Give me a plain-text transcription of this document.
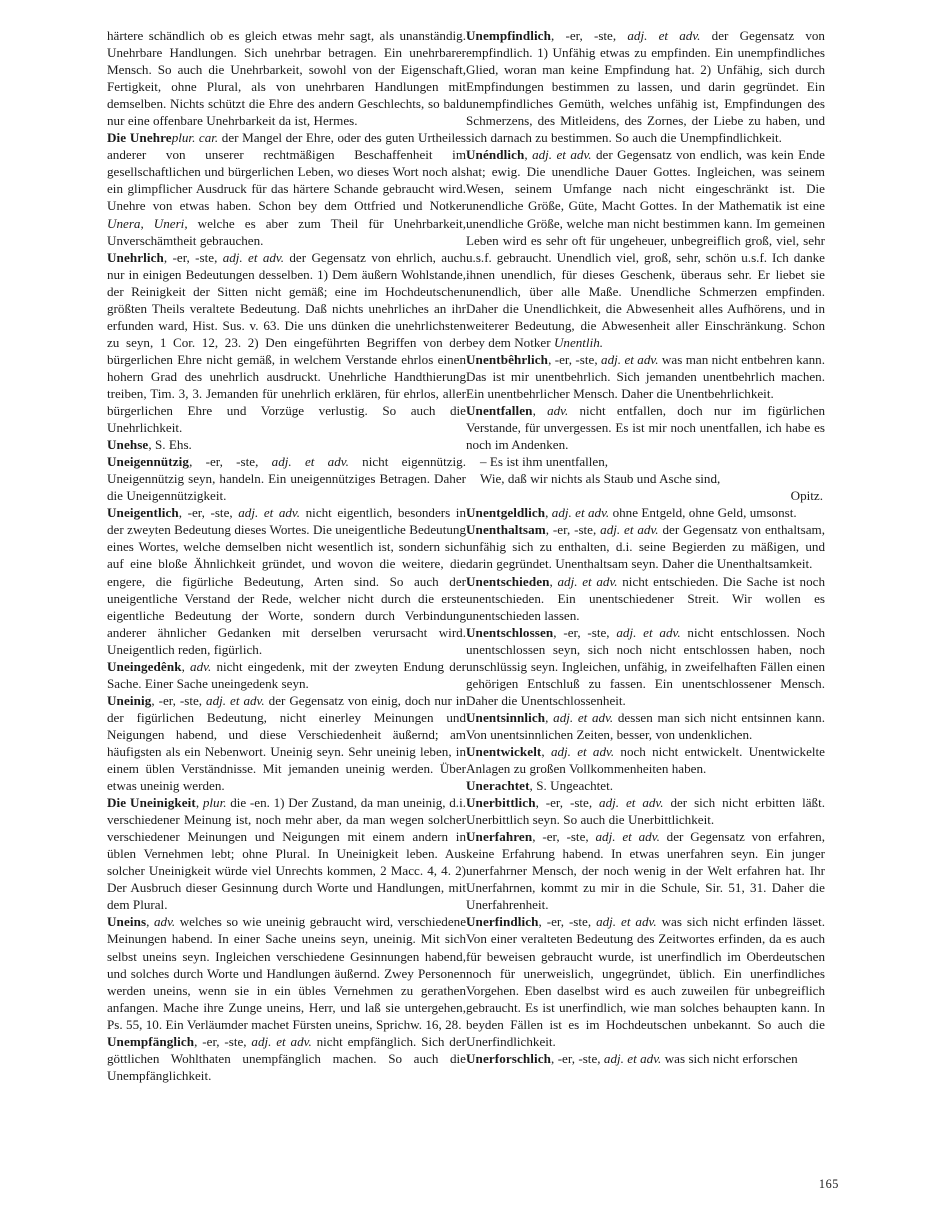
härtere schändlich ob es gleich etwas mehr sagt, als unanständig. Unehrbare Handlungen. Sich unehrbar betragen. Ein unehrbarer Mensch. So auch die Unehrbarkeit, sowohl von der Eigenschaft, Fertigkeit, ohne Plural, als von unehrbaren Handlungen mit demselben. Nichts schützt die Ehre des andern Geschlechts, so bald nur eine offenbare Unehrbarkeit da ist, Hermes.

Die Unehreplur. car. der Mangel der Ehre, oder des guten Urtheiles anderer von unserer rechtmäßigen Beschaffenheit im gesellschaftlichen und bürgerlichen Leben, wo dieses Wort noch als ein glimpflicher Ausdruck für das härtere Schande gebraucht wird. Unehre von etwas haben. Schon bey dem Ottfried und Notker Unera, Uneri, welche es aber zum Theil für Unehrbarkeit, Unverschämtheit gebrauchen.

Unehrlich, -er, -ste, adj. et adv. der Gegensatz von ehrlich, auch nur in einigen Bedeutungen desselben. 1) Dem äußern Wohlstande, der Reinigkeit der Sitten nicht gemäß; eine im Hochdeutschen größten Theils veraltete Bedeutung. Daß nichts unehrliches an ihr erfunden ward, Hist. Sus. v. 63. Die uns dünken die unehrlichsten zu seyn, 1 Cor. 12, 23. 2) Den eingeführten Begriffen von der bürgerlichen Ehre nicht gemäß, in welchem Verstande ehrlos einen hohern Grad des unehrlich ausdruckt. Unehrliche Handthierung treiben, Tim. 3, 3. Jemanden für unehrlich erklären, für ehrlos, aller bürgerlichen Ehre und Vorzüge verlustig. So auch die Unehrlichkeit.

Unehse, S. Ehs.

Uneigennützig, -er, -ste, adj. et adv. nicht eigennützig. Uneigennützig seyn, handeln. Ein uneigennütziges Betragen. Daher die Uneigennützigkeit.

Uneigentlich, -er, -ste, adj. et adv. nicht eigentlich, besonders in der zweyten Bedeutung dieses Wortes. Die uneigentliche Bedeutung eines Wortes, welche demselben nicht wesentlich ist, sondern sich auf eine bloße Ähnlichkeit gründet, und wovon die weitere, die engere, die figürliche Bedeutung, Arten sind. So auch der uneigentliche Verstand der Rede, welcher nicht durch die erste eigentliche Bedeutung der Worte, sondern durch Verbindung anderer ähnlicher Gedanken mit derselben verursacht wird. Uneigentlich reden, figürlich.

Uneingedênk, adv. nicht eingedenk, mit der zweyten Endung der Sache. Einer Sache uneingedenk seyn.

Uneinig, -er, -ste, adj. et adv. der Gegensatz von einig, doch nur in der figürlichen Bedeutung, nicht einerley Meinungen und Neigungen habend, und diese Verschiedenheit äußernd; am häufigsten als ein Nebenwort. Uneinig seyn. Sehr uneinig leben, in einem üblen Verständnisse. Mit jemanden uneinig werden. Über etwas uneinig werden.

Die Uneinigkeit, plur. die -en. 1) Der Zustand, da man uneinig, d.i. verschiedener Meinung ist, noch mehr aber, da man wegen solcher verschiedener Meinungen und Neigungen mit einem andern in üblen Vernehmen lebt; ohne Plural. In Uneinigkeit leben. Aus solcher Uneinigkeit würde viel Unrechts kommen, 2 Macc. 4, 4. 2) Der Ausbruch dieser Gesinnung durch Worte und Handlungen, mit dem Plural.

Uneins, adv. welches so wie uneinig gebraucht wird, verschiedene Meinungen habend. In einer Sache uneins seyn, uneinig. Mit sich selbst uneins seyn. Ingleichen verschiedene Gesinnungen habend, und solches durch Worte und Handlungen äußernd. Zwey Personen werden uneins, wenn sie in ein übles Vernehmen zu gerathen anfangen. Mache ihre Zunge uneins, Herr, und laß sie untergehen, Ps. 55, 10. Ein Verläumder machet Fürsten uneins, Sprichw. 16, 28.

Unempfänglich, -er, -ste, adj. et adv. nicht empfänglich. Sich der göttlichen Wohlthaten unempfänglich machen. So auch die Unempfänglichkeit.

Unempfindlich, -er, -ste, adj. et adv. der Gegensatz von empfindlich. 1) Unfähig etwas zu empfinden. Ein unempfindliches Glied, woran man keine Empfindung hat. 2) Unfähig, sich durch Empfindungen bestimmen zu lassen, und darin gegründet. Ein unempfindliches Gemüth, welches unfähig ist, Empfindungen des Schmerzens, des Mitleidens, des Zornes, der Liebe zu haben, und sich darnach zu bestimmen. So auch die Unempfindlichkeit.

Unéndlich, adj. et adv. der Gegensatz von endlich, was kein Ende hat; ewig. Die unendliche Dauer Gottes. Ingleichen, was seinem Wesen, seinem Umfange nach nicht eingeschränkt ist. Die unendliche Größe, Güte, Macht Gottes. In der Mathematik ist eine unendliche Größe, welche man nicht bestimmen kann. Im gemeinen Leben wird es sehr oft für ungeheuer, unbegreiflich groß, viel, sehr u.s.f. gebraucht. Unendlich viel, groß, sehr, schön u.s.f. Ich danke ihnen unendlich, für dieses Geschenk, überaus sehr. Er liebet sie unendlich, über alle Maße. Unendliche Schmerzen empfinden. Daher die Unendlichkeit, die Abwesenheit alles Aufhörens, und in weiterer Bedeutung, die Abwesenheit aller Einschränkung. Schon bey dem Notker Unentlih.

Unentbêhrlich, -er, -ste, adj. et adv. was man nicht entbehren kann. Das ist mir unentbehrlich. Sich jemanden unentbehrlich machen. Ein unentbehrlicher Mensch. Daher die Unentbehrlichkeit.

Unentfallen, adv. nicht entfallen, doch nur im figürlichen Verstande, für unvergessen. Es ist mir noch unentfallen, ich habe es noch im Andenken.

– Es ist ihm unentfallen,
Wie, daß wir nichts als Staub und Asche sind,
Opitz.

Unentgeldlich, adj. et adv. ohne Entgeld, ohne Geld, umsonst.

Unenthaltsam, -er, -ste, adj. et adv. der Gegensatz von enthaltsam, unfähig sich zu enthalten, d.i. seine Begierden zu mäßigen, und darin gegründet. Unenthaltsam seyn. Daher die Unenthaltsamkeit.

Unentschieden, adj. et adv. nicht entschieden. Die Sache ist noch unentschieden. Ein unentschiedener Streit. Wir wollen es unentschieden lassen.

Unentschlossen, -er, -ste, adj. et adv. nicht entschlossen. Noch unentschlossen seyn, sich noch nicht entschlossen haben, noch unschlüssig seyn. Ingleichen, unfähig, in zweifelhaften Fällen einen gehörigen Entschluß zu fassen. Ein unentschlossener Mensch. Daher die Unentschlossenheit.

Unentsinnlich, adj. et adv. dessen man sich nicht entsinnen kann. Von unentsinnlichen Zeiten, besser, von undenklichen.

Unentwickelt, adj. et adv. noch nicht entwickelt. Unentwickelte Anlagen zu großen Vollkommenheiten haben.

Unerachtet, S. Ungeachtet.

Unerbittlich, -er, -ste, adj. et adv. der sich nicht erbitten läßt. Unerbittlich seyn. So auch die Unerbittlichkeit.

Unerfahren, -er, -ste, adj. et adv. der Gegensatz von erfahren, keine Erfahrung habend. In etwas unerfahren seyn. Ein junger unerfahrner Mensch, der noch wenig in der Welt erfahren hat. Ihr Unerfahrnen, kommt zu mir in die Schule, Sir. 51, 31. Daher die Unerfahrenheit.

Unerfindlich, -er, -ste, adj. et adv. was sich nicht erfinden lässet. Von einer veralteten Bedeutung des Zeitwortes erfinden, da es auch für beweisen gebraucht wurde, ist unerfindlich im Oberdeutschen noch für unerweislich, ungegründet, üblich. Ein unerfindliches Vorgehen. Eben daselbst wird es auch zuweilen für unbegreiflich gebraucht. Es ist unerfindlich, wie man solches behaupten kann. In beyden Fällen ist es im Hochdeutschen unbekannt. So auch die Unerfindlichkeit.

Unerforschlich, -er, -ste, adj. et adv. was sich nicht erforschen

165
